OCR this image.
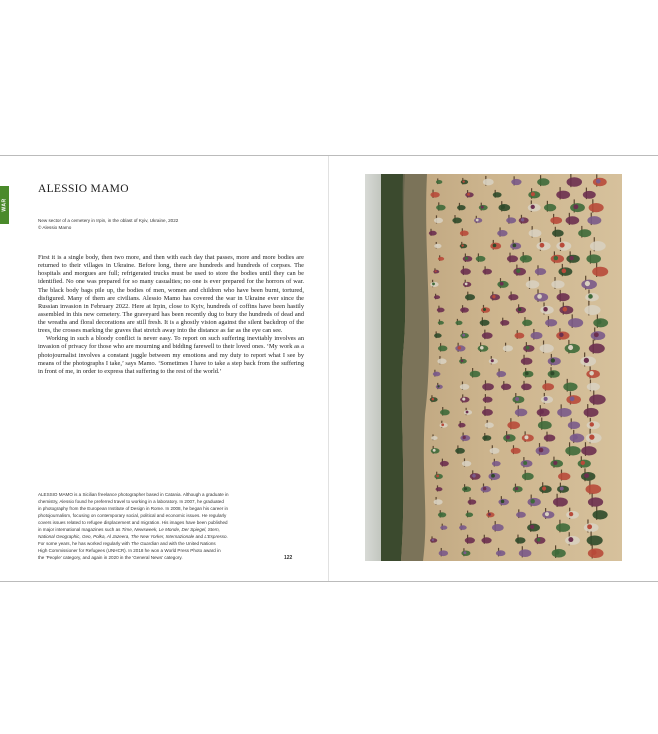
WAR
ALESSIO MAMO
New sector of a cemetery in Irpin, in the oblast of Kyiv, Ukraine, 2022
© Alessio Mamo

First it is a single body, then two more, and then with each day that passes, more and more bodies are returned to their villages in Ukraine. Before long, there are hundreds and hundreds of corpses. The hospitals and morgues are full; refrigerated trucks must be used to store the bodies until they can be identified. No one was prepared for so many casualties; no one is ever prepared for the horrors of war. The black body bags pile up, the bodies of men, women and children who have been burnt, tortured, disfigured. Many of them are civilians. Alessio Mamo has covered the war in Ukraine ever since the Russian invasion in February 2022. Here at Irpin, close to Kyiv, hundreds of coffins have been hastily assembled in this new cemetery. The graveyard has been recently dug to bury the hundreds of dead and the wreaths and floral decorations are still fresh. It is a ghostly vision against the silent backdrop of the trees, the crosses marking the graves that stretch away into the distance as far as the eye can see.

Working in such a bloody conflict is never easy. To report on such suffering inevitably involves an invasion of privacy for those who are mourning and bidding farewell to their loved ones. ‘My work as a photojournalist involves a constant juggle between my emotions and my duty to report what I see by means of the photographs I take,’ says Mamo. ‘Sometimes I have to take a step back from the suffering in front of me, in order to express that suffering to the rest of the world.’

ALESSIO MAMO is a Sicilian freelance photographer based in Catania. Although a graduate in
chemistry, Alessio found he preferred travel to working in a laboratory. In 2007, he graduated
in photography from the European Institute of Design in Rome. In 2008, he began his career in
photojournalism, focusing on contemporary social, political and economic issues. He regularly
covers issues related to refugee displacement and migration. His images have been published
in major international magazines such as Time, Newsweek, Le Monde, Der Spiegel, Stern,
National Geographic, Geo, Polka, Al Jazeera, The New Yorker, Internazionale and L’Espresso.
For some years, he has worked regularly with The Guardian and with the United Nations
High Commissioner for Refugees (UNHCR). In 2018 he won a World Press Photo award in
the ‘People’ category, and again in 2020 in the ‘General News’ category.	122
